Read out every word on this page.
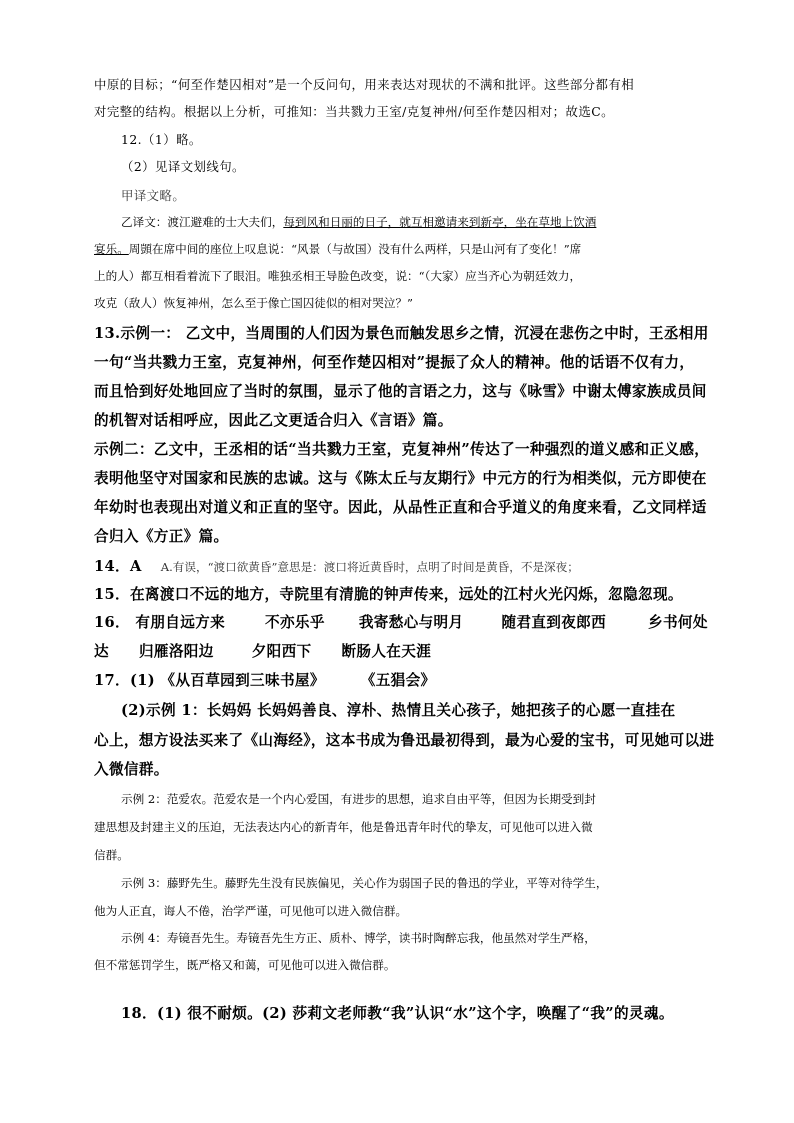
中原的目标；“何至作楚囚相对”是一个反问句，用来表达对现状的不满和批评。这些部分都有相

对完整的结构。根据以上分析，可推知：当共戮力王室/克复神州/何至作楚囚相对；故选C。

12.（1）略。

（2）见译文划线句。

甲译文略。

乙译文：渡江避难的士大夫们，每到风和日丽的日子，就互相邀请来到新亭，坐在草地上饮酒

宴乐。周顗在席中间的座位上叹息说：“风景（与故国）没有什么两样，只是山河有了变化！”席

上的人）都互相看着流下了眼泪。唯独丞相王导脸色改变，说：“（大家）应当齐心为朝廷效力，

攻克（敌人）恢复神州，怎么至于像亡国囚徒似的相对哭泣？”

13.示例一： 乙文中，当周围的人们因为景色而触发思乡之情，沉浸在悲伤之中时，王丞相用

一句“当共戮力王室，克复神州，何至作楚囚相对”提振了众人的精神。他的话语不仅有力，

而且恰到好处地回应了当时的氛围，显示了他的言语之力，这与《咏雪》中谢太傅家族成员间

的机智对话相呼应，因此乙文更适合归入《言语》篇。

示例二：乙文中，王丞相的话“当共戮力王室，克复神州”传达了一种强烈的道义感和正义感，

表明他坚守对国家和民族的忠诚。这与《陈太丘与友期行》中元方的行为相类似，元方即使在

年幼时也表现出对道义和正直的坚守。因此，从品性正直和合乎道义的角度来看，乙文同样适

合归入《方正》篇。

14．A A.有误，“渡口欲黄昏”意思是：渡口将近黄昏时，点明了时间是黄昏，不是深夜；

15．在离渡口不远的地方，寺院里有清脆的钟声传来，远处的江村火光闪烁，忽隐忽现。

16． 有朋自远方来	不亦乐乎 我寄愁心与明月	随君直到夜郎西	乡书何处

达 归雁洛阳边	夕阳西下 断肠人在天涯

17．(1) 《从百草园到三味书屋》 《五猖会》

(2)示例 1：长妈妈 长妈妈善良、淳朴、热情且关心孩子，她把孩子的心愿一直挂在

心上，想方设法买来了《山海经》，这本书成为鲁迅最初得到，最为心爱的宝书，可见她可以进

入微信群。

示例 2：范爱农。范爱农是一个内心爱国，有进步的思想，追求自由平等，但因为长期受到封

建思想及封建主义的压迫，无法表达内心的新青年，他是鲁迅青年时代的挚友，可见他可以进入微

信群。

示例 3：藤野先生。藤野先生没有民族偏见，关心作为弱国子民的鲁迅的学业，平等对待学生，

他为人正直，诲人不倦，治学严谨，可见他可以进入微信群。

示例 4：寿镜吾先生。寿镜吾先生方正、质朴、博学，读书时陶醉忘我，他虽然对学生严格，

但不常惩罚学生，既严格又和蔼，可见他可以进入微信群。

18．(1) 很不耐烦。(2) 莎莉文老师教“我”认识“水”这个字，唤醒了“我”的灵魂。
